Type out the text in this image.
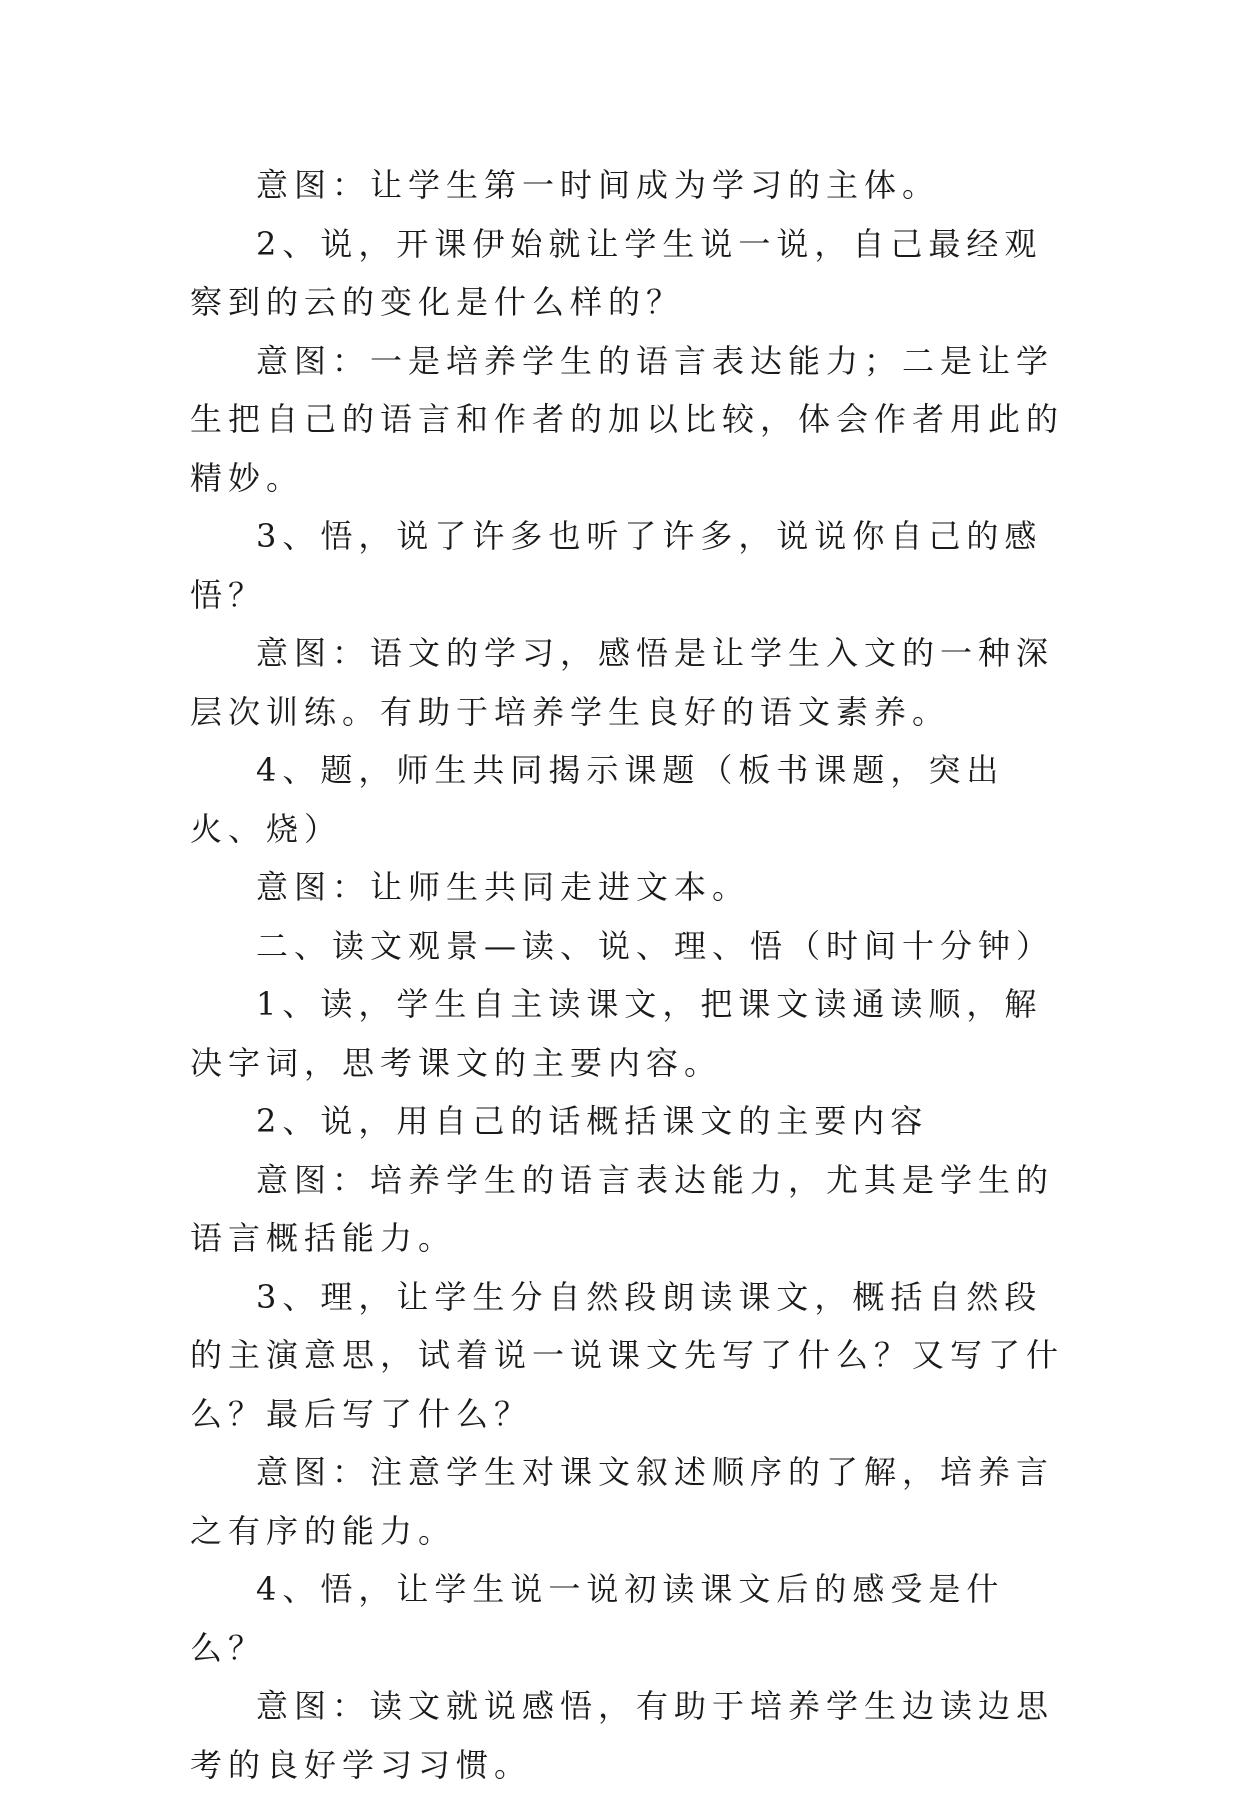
意图：让学生第一时间成为学习的主体。

2、说，开课伊始就让学生说一说，自己最经观察到的云的变化是什么样的？

意图：一是培养学生的语言表达能力；二是让学生把自己的语言和作者的加以比较，体会作者用此的精妙。

3、悟，说了许多也听了许多，说说你自己的感悟？

意图：语文的学习，感悟是让学生入文的一种深层次训练。有助于培养学生良好的语文素养。

4、题，师生共同揭示课题（板书课题，突出火、烧）

意图：让师生共同走进文本。

二、读文观景—读、说、理、悟（时间十分钟）

1、读，学生自主读课文，把课文读通读顺，解决字词，思考课文的主要内容。

2、说，用自己的话概括课文的主要内容

意图：培养学生的语言表达能力，尤其是学生的语言概括能力。

3、理，让学生分自然段朗读课文，概括自然段的主演意思，试着说一说课文先写了什么？又写了什么？最后写了什么？

意图：注意学生对课文叙述顺序的了解，培养言之有序的能力。

4、悟，让学生说一说初读课文后的感受是什么？

意图：读文就说感悟，有助于培养学生边读边思考的良好学习习惯。
